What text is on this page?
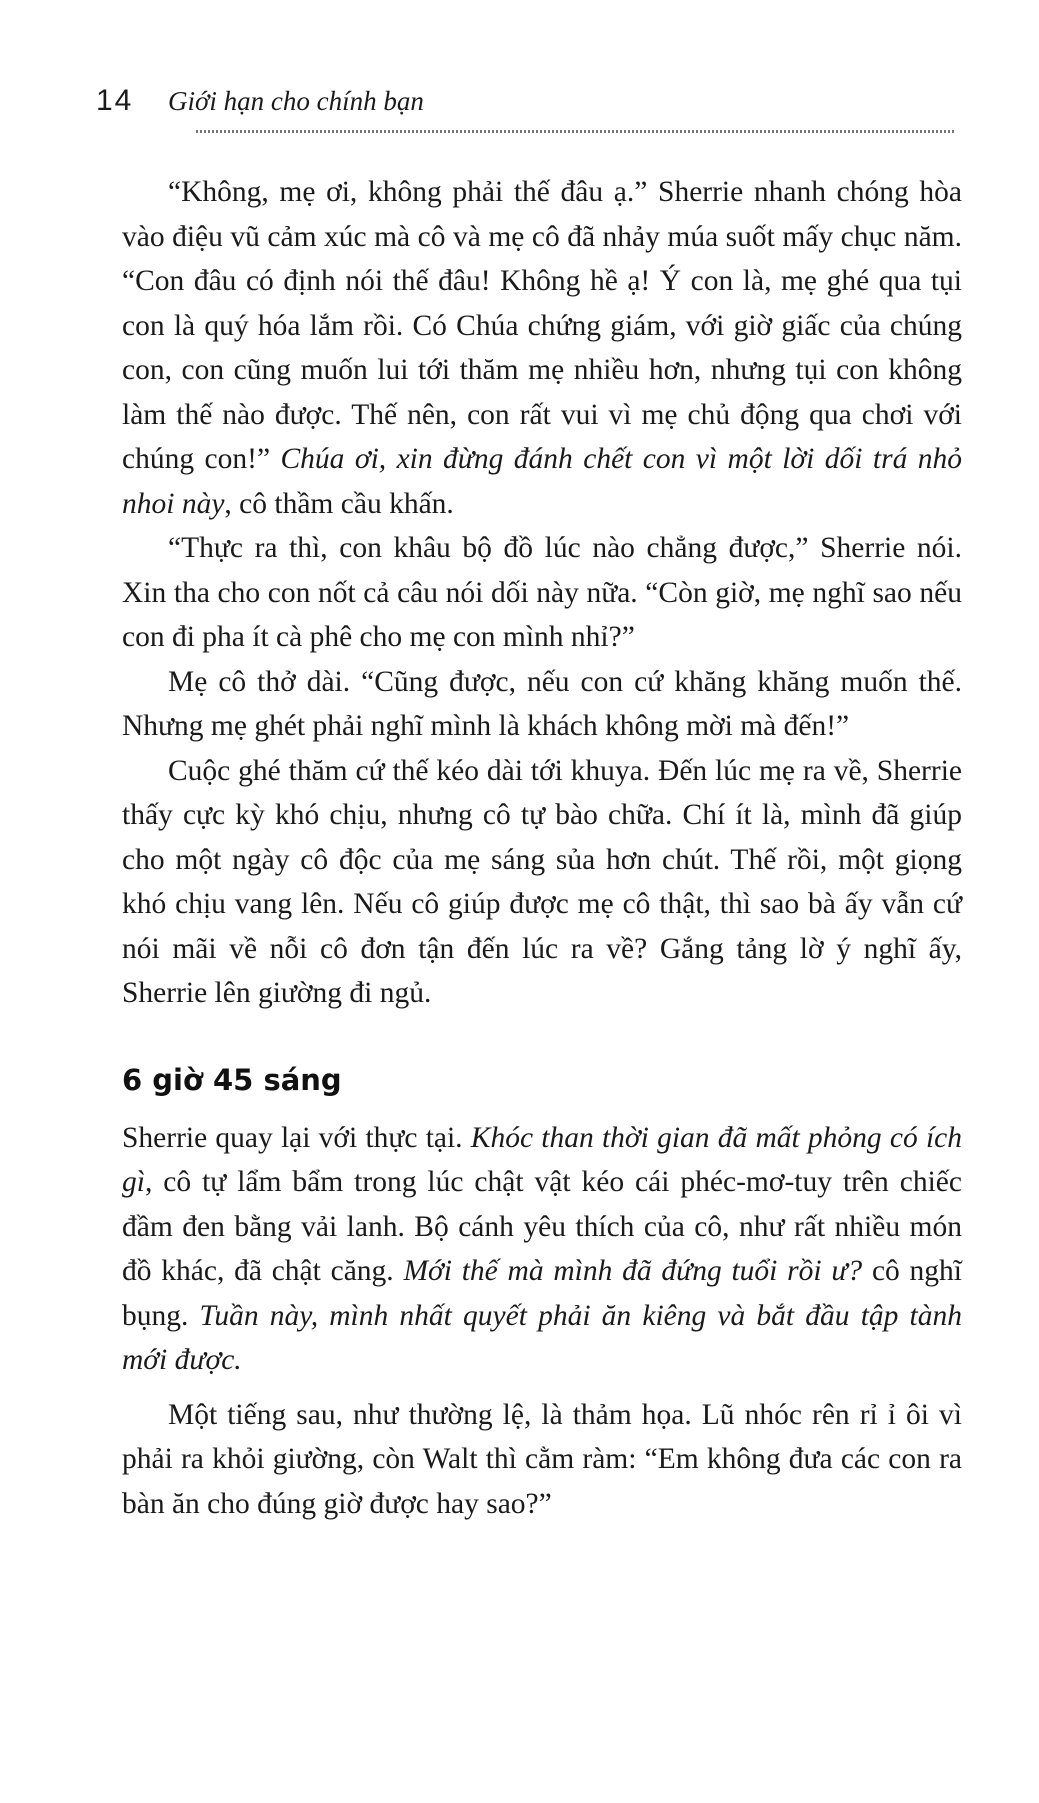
14 Giới hạn cho chính bạn

“Không, mẹ ơi, không phải thế đâu ạ.” Sherrie nhanh chóng hòa vào điệu vũ cảm xúc mà cô và mẹ cô đã nhảy múa suốt mấy chục năm. “Con đâu có định nói thế đâu! Không hề ạ! Ý con là, mẹ ghé qua tụi con là quý hóa lắm rồi. Có Chúa chứng giám, với giờ giấc của chúng con, con cũng muốn lui tới thăm mẹ nhiều hơn, nhưng tụi con không làm thế nào được. Thế nên, con rất vui vì mẹ chủ động qua chơi với chúng con!” Chúa ơi, xin đừng đánh chết con vì một lời dối trá nhỏ nhoi này, cô thầm cầu khấn.

“Thực ra thì, con khâu bộ đồ lúc nào chẳng được,” Sherrie nói. Xin tha cho con nốt cả câu nói dối này nữa. “Còn giờ, mẹ nghĩ sao nếu con đi pha ít cà phê cho mẹ con mình nhỉ?”

Mẹ cô thở dài. “Cũng được, nếu con cứ khăng khăng muốn thế. Nhưng mẹ ghét phải nghĩ mình là khách không mời mà đến!”

Cuộc ghé thăm cứ thế kéo dài tới khuya. Đến lúc mẹ ra về, Sherrie thấy cực kỳ khó chịu, nhưng cô tự bào chữa. Chí ít là, mình đã giúp cho một ngày cô độc của mẹ sáng sủa hơn chút. Thế rồi, một giọng khó chịu vang lên. Nếu cô giúp được mẹ cô thật, thì sao bà ấy vẫn cứ nói mãi về nỗi cô đơn tận đến lúc ra về? Gắng tảng lờ ý nghĩ ấy, Sherrie lên giường đi ngủ.

6 giờ 45 sáng

Sherrie quay lại với thực tại. Khóc than thời gian đã mất phỏng có ích gì, cô tự lẩm bẩm trong lúc chật vật kéo cái phéc-mơ-tuy trên chiếc đầm đen bằng vải lanh. Bộ cánh yêu thích của cô, như rất nhiều món đồ khác, đã chật căng. Mới thế mà mình đã đứng tuổi rồi ư? cô nghĩ bụng. Tuần này, mình nhất quyết phải ăn kiêng và bắt đầu tập tành mới được.

Một tiếng sau, như thường lệ, là thảm họa. Lũ nhóc rên rỉ ỉ ôi vì phải ra khỏi giường, còn Walt thì cằm ràm: “Em không đưa các con ra bàn ăn cho đúng giờ được hay sao?”
